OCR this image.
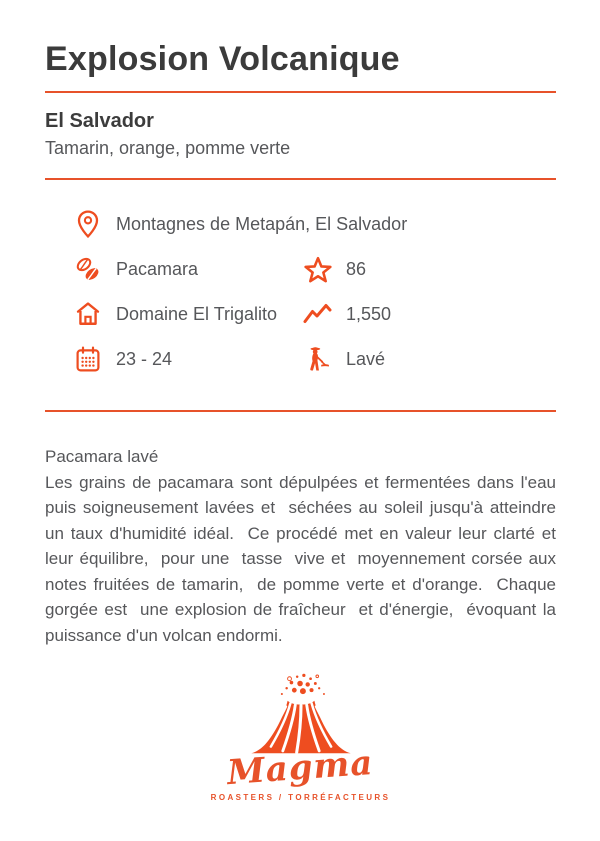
Explosion Volcanique
El Salvador
Tamarin, orange, pomme verte
Montagnes de Metapán, El Salvador
Pacamara	86
Domaine El Trigalito	1,550
23 - 24	Lavé
Pacamara lavé
Les grains de pacamara sont dépulpées et fermentées dans l'eau puis soigneusement lavées et  séchées au soleil jusqu'à atteindre un taux d'humidité idéal.  Ce procédé met en valeur leur clarté et leur équilibre,  pour une  tasse  vive et  moyennement corsée aux notes fruitées de tamarin,  de pomme verte et d'orange.  Chaque gorgée est  une explosion de fraîcheur  et d'énergie,  évoquant la puissance d'un volcan endormi.
Magma
ROASTERS / TORRÉFACTEURS
